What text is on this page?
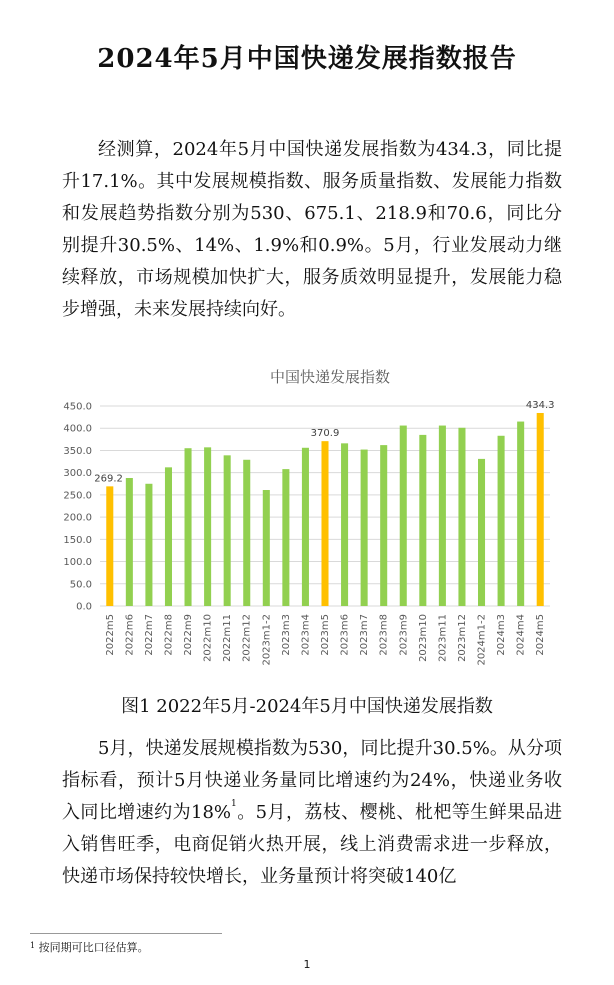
2024年5月中国快递发展指数报告

经测算，2024年5月中国快递发展指数为434.3，同比提升17.1%。其中发展规模指数、服务质量指数、发展能力指数和发展趋势指数分别为530、675.1、218.9和70.6，同比分别提升30.5%、14%、1.9%和0.9%。5月，行业发展动力继续释放，市场规模加快扩大，服务质效明显提升，发展能力稳步增强，未来发展持续向好。

中国快递发展指数
0.0
50.0
100.0
150.0
200.0
250.0
300.0
350.0
400.0
450.0
2022m5 2022m6 2022m7 2022m8 2022m9 2022m10 2022m11 2022m12 2023m1-2 2023m3 2023m4 2023m5 2023m6 2023m7 2023m8 2023m9 2023m10 2023m11 2023m12 2024m1-2 2024m3 2024m4 2024m5
269.2
370.9
434.3
图1 2022年5月-2024年5月中国快递发展指数

5月，快递发展规模指数为530，同比提升30.5%。从分项指标看，预计5月快递业务量同比增速约为24%，快递业务收入同比增速约为18%$^1$。5月，荔枝、樱桃、枇杷等生鲜果品进入销售旺季，电商促销火热开展，线上消费需求进一步释放，快递市场保持较快增长，业务量预计将突破140亿

$^1$ 按同期可比口径估算。
1
